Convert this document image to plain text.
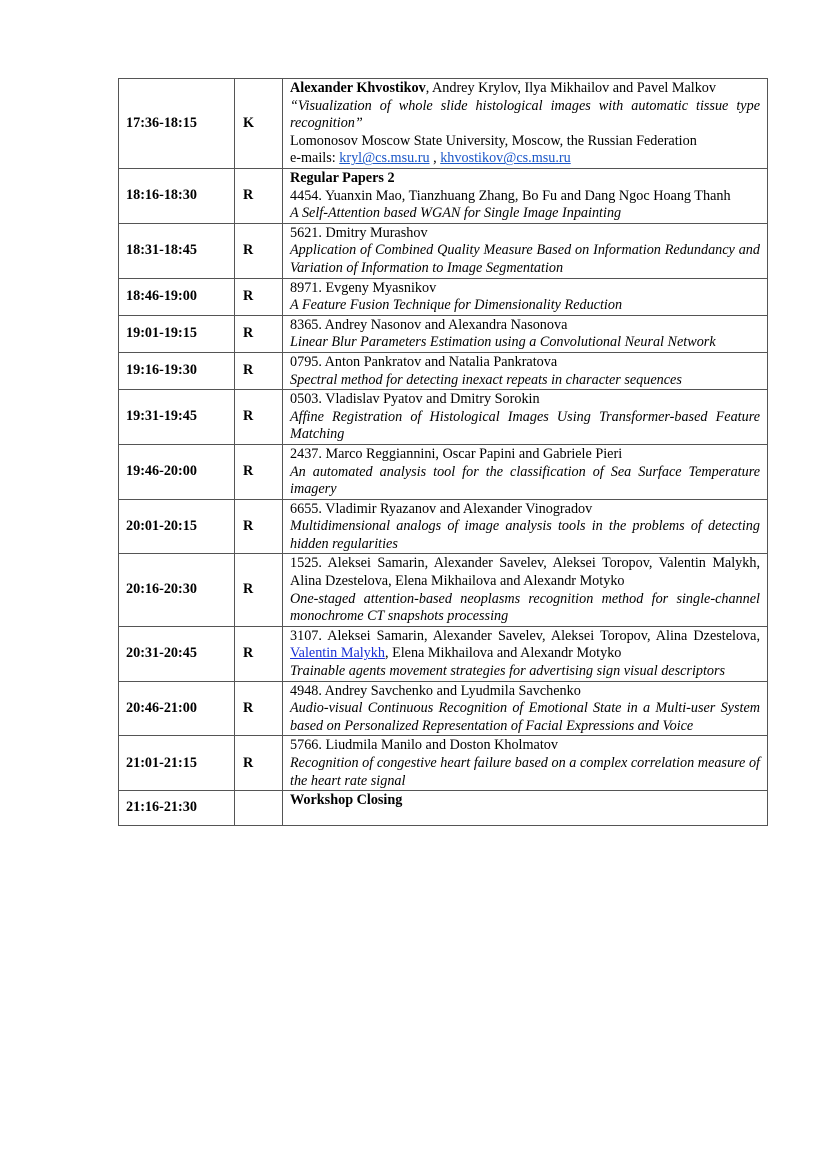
17:36-18:15	K	Alexander Khvostikov, Andrey Krylov, Ilya Mikhailov and Pavel Malkov
“Visualization of whole slide histological images with automatic tissue type recognition”
Lomonosov Moscow State University, Moscow, the Russian Federation
e-mails: kryl@cs.msu.ru , khvostikov@cs.msu.ru

18:16-18:30	R	Regular Papers 2
4454. Yuanxin Mao, Tianzhuang Zhang, Bo Fu and Dang Ngoc Hoang Thanh
A Self-Attention based WGAN for Single Image Inpainting

18:31-18:45	R	5621. Dmitry Murashov
Application of Combined Quality Measure Based on Information Redundancy and Variation of Information to Image Segmentation

18:46-19:00	R	8971. Evgeny Myasnikov
A Feature Fusion Technique for Dimensionality Reduction

19:01-19:15	R	8365. Andrey Nasonov and Alexandra Nasonova
Linear Blur Parameters Estimation using a Convolutional Neural Network

19:16-19:30	R	0795. Anton Pankratov and Natalia Pankratova
Spectral method for detecting inexact repeats in character sequences

19:31-19:45	R	0503. Vladislav Pyatov and Dmitry Sorokin
Affine Registration of Histological Images Using Transformer-based Feature Matching

19:46-20:00	R	2437. Marco Reggiannini, Oscar Papini and Gabriele Pieri
An automated analysis tool for the classification of Sea Surface Temperature imagery

20:01-20:15	R	6655. Vladimir Ryazanov and Alexander Vinogradov
Multidimensional analogs of image analysis tools in the problems of detecting hidden regularities

20:16-20:30	R	1525. Aleksei Samarin, Alexander Savelev, Aleksei Toropov, Valentin Malykh, Alina Dzestelova, Elena Mikhailova and Alexandr Motyko
One-staged attention-based neoplasms recognition method for single-channel monochrome CT snapshots processing

20:31-20:45	R	3107. Aleksei Samarin, Alexander Savelev, Aleksei Toropov, Alina Dzestelova, Valentin Malykh, Elena Mikhailova and Alexandr Motyko
Trainable agents movement strategies for advertising sign visual descriptors

20:46-21:00	R	4948. Andrey Savchenko and Lyudmila Savchenko
Audio-visual Continuous Recognition of Emotional State in a Multi-user System based on Personalized Representation of Facial Expressions and Voice

21:01-21:15	R	5766. Liudmila Manilo and Doston Kholmatov
Recognition of congestive heart failure based on a complex correlation measure of the heart rate signal

21:16-21:30		Workshop Closing
